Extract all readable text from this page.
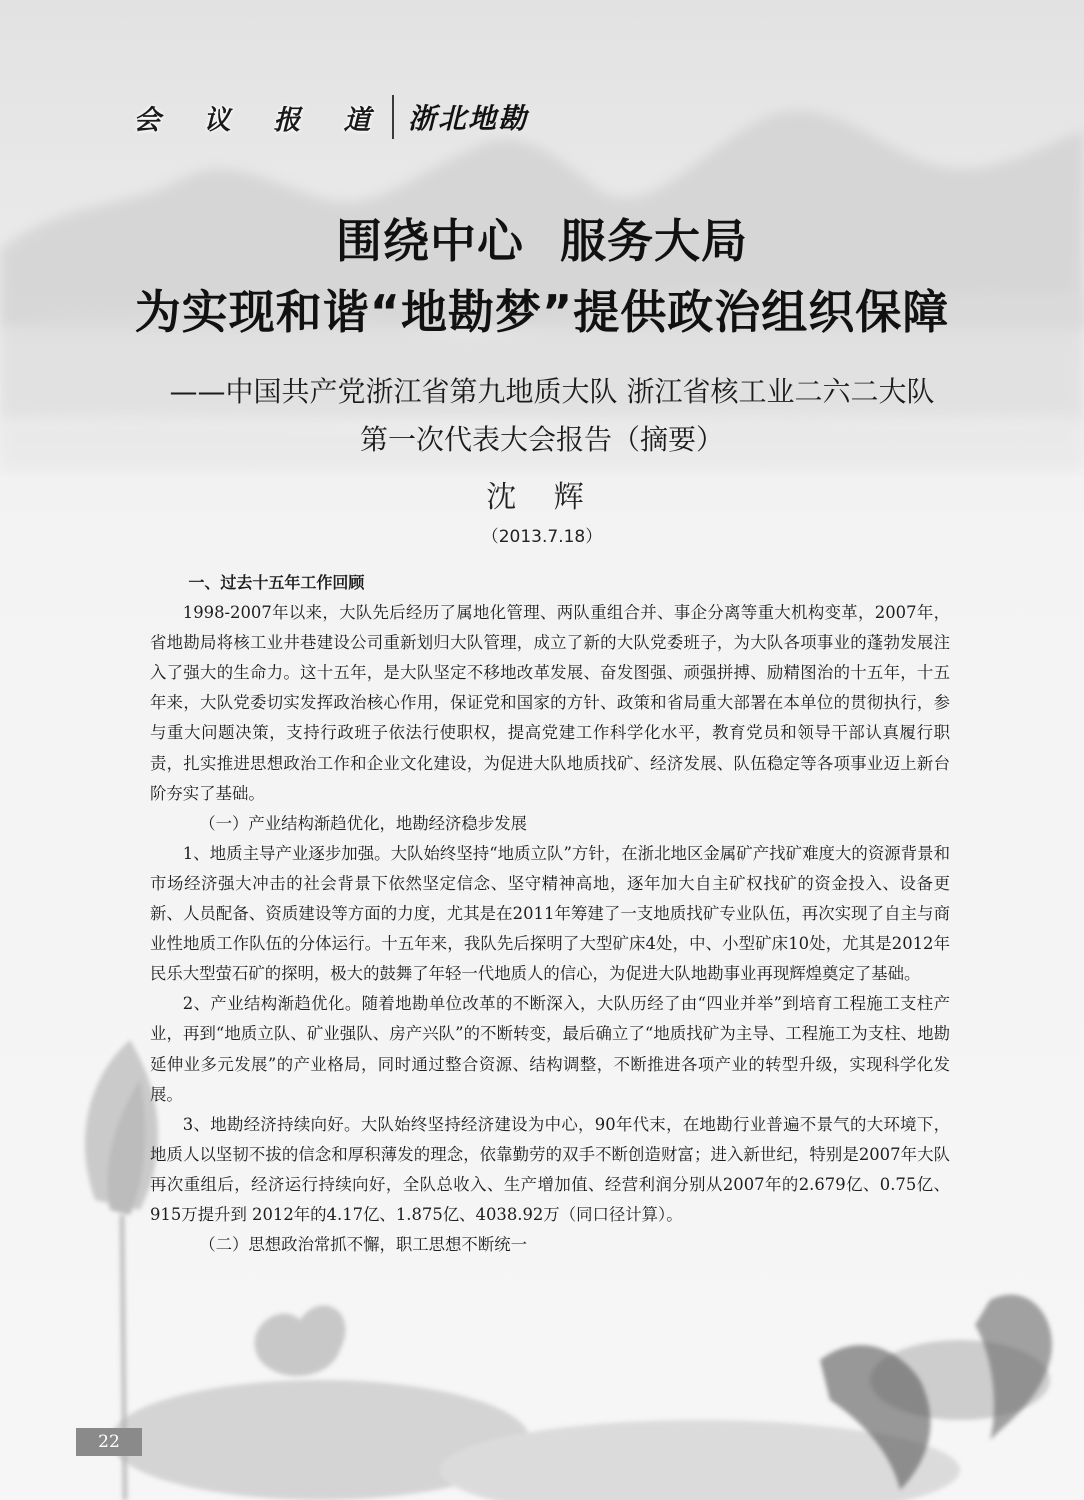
会 议 报 道 浙北地勘
围绕中心 服务大局
为实现和谐“地勘梦”提供政治组织保障
——中国共产党浙江省第九地质大队 浙江省核工业二六二大队
第一次代表大会报告（摘要）
沈 辉
（2013.7.18）

一、过去十五年工作回顾

1998-2007年以来，大队先后经历了属地化管理、两队重组合并、事企分离等重大机构变革，2007年，省地勘局将核工业井巷建设公司重新划归大队管理，成立了新的大队党委班子，为大队各项事业的蓬勃发展注入了强大的生命力。这十五年，是大队坚定不移地改革发展、奋发图强、顽强拼搏、励精图治的十五年，十五年来，大队党委切实发挥政治核心作用，保证党和国家的方针、政策和省局重大部署在本单位的贯彻执行，参与重大问题决策，支持行政班子依法行使职权，提高党建工作科学化水平，教育党员和领导干部认真履行职责，扎实推进思想政治工作和企业文化建设，为促进大队地质找矿、经济发展、队伍稳定等各项事业迈上新台阶夯实了基础。

（一）产业结构渐趋优化，地勘经济稳步发展

1、地质主导产业逐步加强。大队始终坚持“地质立队”方针，在浙北地区金属矿产找矿难度大的资源背景和市场经济强大冲击的社会背景下依然坚定信念、坚守精神高地，逐年加大自主矿权找矿的资金投入、设备更新、人员配备、资质建设等方面的力度，尤其是在2011年筹建了一支地质找矿专业队伍，再次实现了自主与商业性地质工作队伍的分体运行。十五年来，我队先后探明了大型矿床4处，中、小型矿床10处，尤其是2012年民乐大型萤石矿的探明，极大的鼓舞了年轻一代地质人的信心，为促进大队地勘事业再现辉煌奠定了基础。

2、产业结构渐趋优化。随着地勘单位改革的不断深入，大队历经了由“四业并举”到培育工程施工支柱产业，再到“地质立队、矿业强队、房产兴队”的不断转变，最后确立了“地质找矿为主导、工程施工为支柱、地勘延伸业多元发展”的产业格局，同时通过整合资源、结构调整，不断推进各项产业的转型升级，实现科学化发展。

3、地勘经济持续向好。大队始终坚持经济建设为中心，90年代末，在地勘行业普遍不景气的大环境下，地质人以坚韧不拔的信念和厚积薄发的理念，依靠勤劳的双手不断创造财富；进入新世纪，特别是2007年大队再次重组后，经济运行持续向好，全队总收入、生产增加值、经营利润分别从2007年的2.679亿、0.75亿、915万提升到 2012年的4.17亿、1.875亿、4038.92万（同口径计算）。

（二）思想政治常抓不懈，职工思想不断统一

22
